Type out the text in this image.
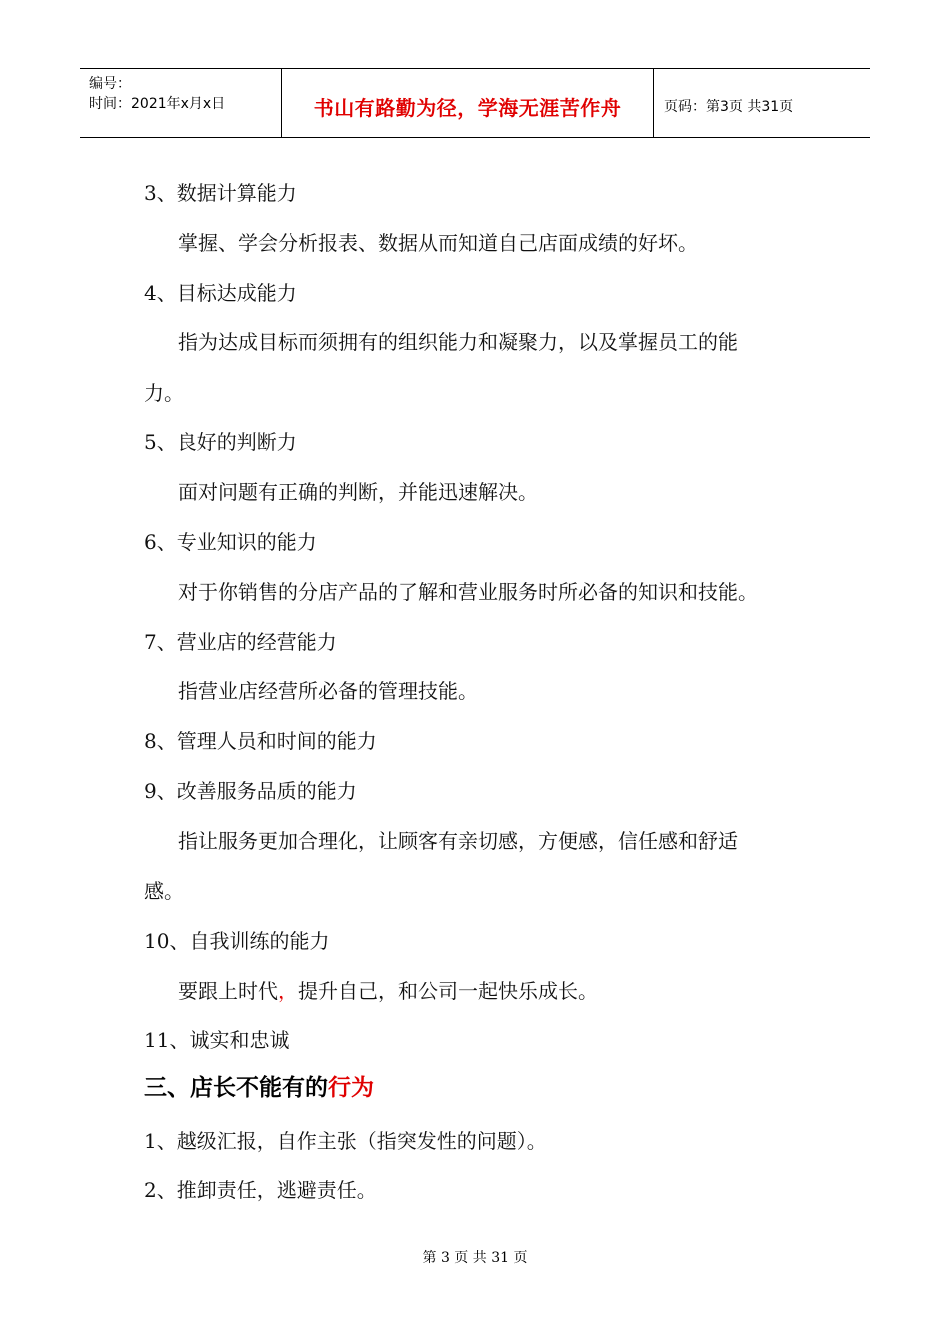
编号：
时间：2021年x月x日	书山有路勤为径，学海无涯苦作舟	页码：第3页 共31页
3、数据计算能力
掌握、学会分析报表、数据从而知道自己店面成绩的好坏。
4、目标达成能力
指为达成目标而须拥有的组织能力和凝聚力，以及掌握员工的能
力。
5、良好的判断力
面对问题有正确的判断，并能迅速解决。
6、专业知识的能力
对于你销售的分店产品的了解和营业服务时所必备的知识和技能。
7、营业店的经营能力
指营业店经营所必备的管理技能。
8、管理人员和时间的能力
9、改善服务品质的能力
指让服务更加合理化，让顾客有亲切感，方便感，信任感和舒适
感。
10、自我训练的能力
要跟上时代，提升自己，和公司一起快乐成长。
11、诚实和忠诚
三、店长不能有的行为
1、越级汇报，自作主张（指突发性的问题）。
2、推卸责任，逃避责任。
第 3 页 共 31 页
